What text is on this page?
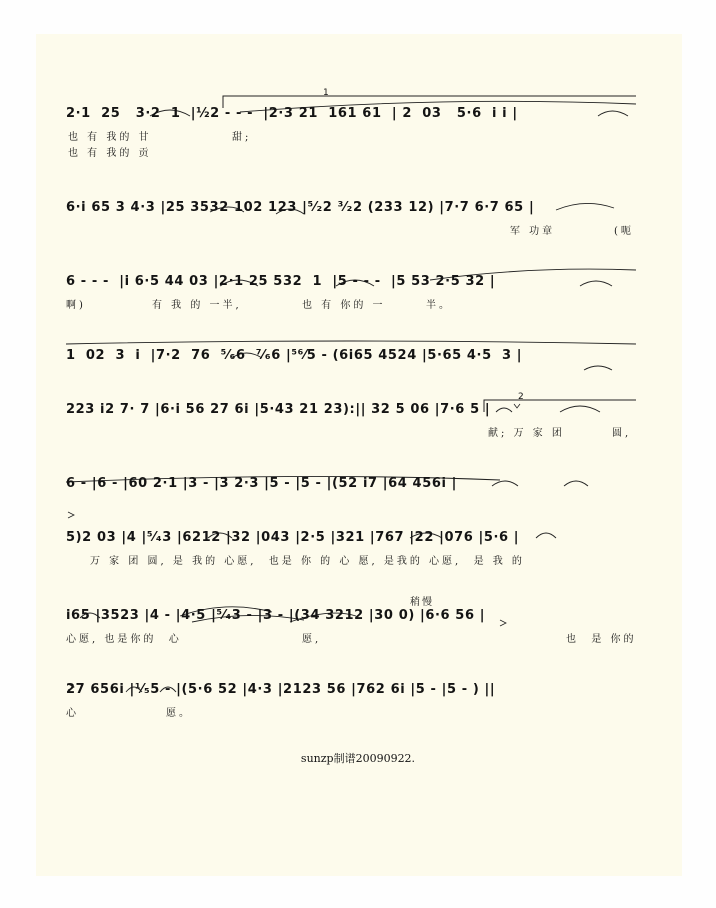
1
2
2·1  25   3·2  1  |½2 - - -  |2·3 21  161 61  | 2  03   5·6  i i |
也 有 我的 甘	甜;
也 有 我的 贡
6·i 65 3 4·3 |25 3532 102 123 |⁵⁄₂2 ³⁄₂2 (233 12) |7·7 6·7 65 |
军 功章	(呃
6 - - -  |i 6·5 44 03 |2·1 25 532  1  |5 - - -  |5 53 2·5 32 |
啊)	有 我 的 一半,	也 有 你的 一	半。
1  02  3  i  |7·2  76  ⁵⁄₆6  ⁷⁄₆6 |⁵⁶⁄5 - (6i65 4524 |5·65 4·5  3 |
223 i2 7· 7 |6·i 56 27 6i |5·43 21 23):|| 32 5 06 |7·6 5 |
献; 万 家 团	圆,
6 - |6 - |60 2·1 |3 - |3 2·3 |5 - |5 - |(52 i7 |64 456i |
5)2 03 |4 |⁵⁄₄3 |6212 |32 |043 |2·5 |321 |767 |22 |076 |5·6 |
万 家 团 圆, 是 我的 心愿,  也是 你 的 心 愿, 是我的 心愿,  是 我 的
i65 |3523 |4 - |4·5 |⁵⁄₄3 - |3 - |(34 3212 |30 0) |6·6 56 |
心愿, 也是你的  心	愿,	也  是 你的
27 656i |¹⁄₅5 - |(5·6 52 |4·3 |2123 56 |762 6i |5 - |5 - ) ||
心	愿。
稍慢
sunzp制谱20090922.
